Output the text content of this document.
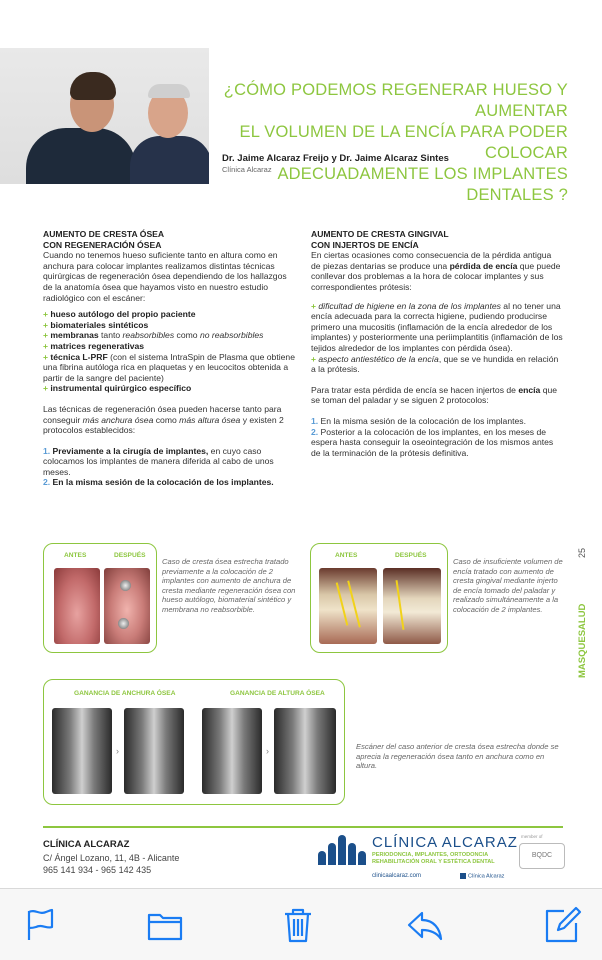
¿CÓMO PODEMOS REGENERAR HUESO Y AUMENTAR
EL VOLUMEN DE LA ENCÍA PARA PODER COLOCAR
ADECUADAMENTE LOS IMPLANTES DENTALES ?
Dr. Jaime Alcaraz Freijo y Dr. Jaime Alcaraz Sintes
Clínica Alcaraz
AUMENTO DE CRESTA ÓSEA
CON REGENERACIÓN ÓSEA

Cuando no tenemos hueso suficiente tanto en altura como en anchura para colocar implantes realizamos distintas técnicas quirúrgicas de regeneración ósea dependiendo de los hallazgos de la anatomía ósea que hayamos visto en nuestro estudio radiológico con el escáner:

+ hueso autólogo del propio paciente

+ biomateriales sintéticos

+ membranas tanto reabsorbibles como no reabsorbibles

+ matrices regenerativas

+ técnica L-PRF (con el sistema IntraSpin de Plasma que obtiene una fibrina autóloga rica en plaquetas y en leucocitos obtenida a partir de la sangre del paciente)

+ instrumental quirúrgico específico

Las técnicas de regeneración ósea pueden hacerse tanto para conseguir más anchura ósea como más altura ósea y existen 2 protocolos establecidos:

1. Previamente a la cirugía de implantes, en cuyo caso colocamos los implantes de manera diferida al cabo de unos meses.

2. En la misma sesión de la colocación de los implantes.

AUMENTO DE CRESTA GINGIVAL
CON INJERTOS DE ENCÍA

En ciertas ocasiones como consecuencia de la pérdida antigua de piezas dentarias se produce una pérdida de encía que puede conllevar dos problemas a la hora de colocar implantes y sus correspondientes prótesis:

+ dificultad de higiene en la zona de los implantes al no tener una encía adecuada para la correcta higiene, pudiendo producirse primero una mucositis (inflamación de la encía alrededor de los implantes) y posteriormente una periimplantitis (inflamación de los tejidos alrededor de los implantes con pérdida ósea).

+ aspecto antiestético de la encía, que se ve hundida en relación a la prótesis.

Para tratar esta pérdida de encía se hacen injertos de encía que se toman del paladar y se siguen 2 protocolos:

1. En la misma sesión de la colocación de los implantes.

2. Posterior a la colocación de los implantes, en los meses de espera hasta conseguir la oseointegración de los mismos antes de la terminación de la prótesis definitiva.

ANTES	DESPUÉS
Caso de cresta ósea estrecha tratado previamente a la colocación de 2 implantes con aumento de anchura de cresta mediante regeneración ósea con hueso autólogo, biomaterial sintético y membrana no reabsorbible.
ANTES	DESPUÉS
Caso de insuficiente volumen de encía tratado con aumento de cresta gingival mediante injerto de encía tomado del paladar y realizado simultáneamente a la colocación de 2 implantes.
25
MASQUESALUD
GANANCIA DE ANCHURA ÓSEA	GANANCIA DE ALTURA ÓSEA
›	›	Escáner del caso anterior de cresta ósea estrecha donde se aprecia la regeneración ósea tanto en anchura como en altura.
CLÍNICA ALCARAZ
C/ Ángel Lozano, 11, 4B - Alicante
965 141 934 - 965 142 435
CLÍNICA ALCARAZ
PERIODONCIA, IMPLANTES, ORTODONCIA
REHABILITACIÓN ORAL Y ESTÉTICA DENTAL
clinicaalcaraz.com	Clínica Alcaraz
member of
BQDC
